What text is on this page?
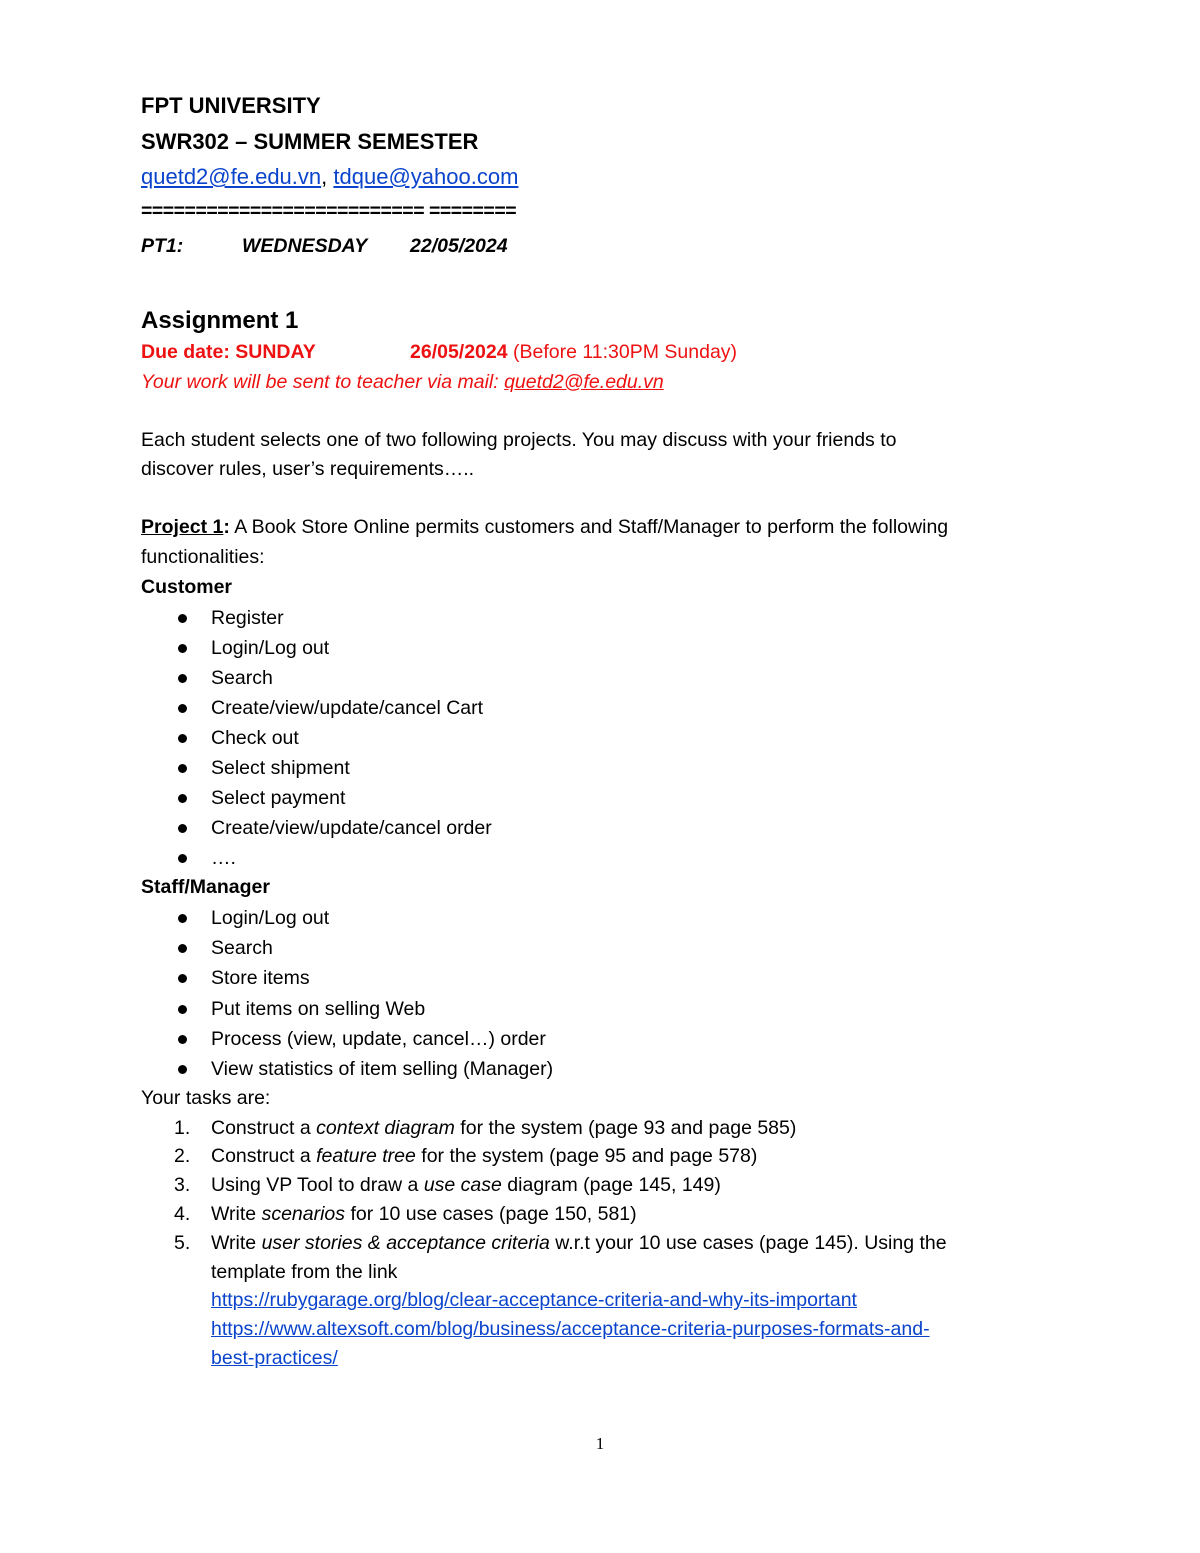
FPT UNIVERSITY
SWR302 – SUMMER SEMESTER
quetd2@fe.edu.vn, tdque@yahoo.com
========================== ========
PT1:	WEDNESDAY 22/05/2024
Assignment 1
Due date: SUNDAY	26/05/2024 (Before 11:30PM Sunday)
Your work will be sent to teacher via mail: quetd2@fe.edu.vn
Each student selects one of two following projects. You may discuss with your friends to
discover rules, user’s requirements…..
Project 1: A Book Store Online permits customers and Staff/Manager to perform the following
functionalities:
Customer
Register
Login/Log out
Search
Create/view/update/cancel Cart
Check out
Select shipment
Select payment
Create/view/update/cancel order
….
Staff/Manager
Login/Log out
Search
Store items
Put items on selling Web
Process (view, update, cancel…) order
View statistics of item selling (Manager)
Your tasks are:
1. Construct a context diagram for the system (page 93 and page 585)
2. Construct a feature tree for the system (page 95 and page 578)
3. Using VP Tool to draw a use case diagram (page 145, 149)
4. Write scenarios for 10 use cases (page 150, 581)
5. Write user stories & acceptance criteria w.r.t your 10 use cases (page 145). Using the
template from the link
https://rubygarage.org/blog/clear-acceptance-criteria-and-why-its-important
https://www.altexsoft.com/blog/business/acceptance-criteria-purposes-formats-and-
best-practices/
1
